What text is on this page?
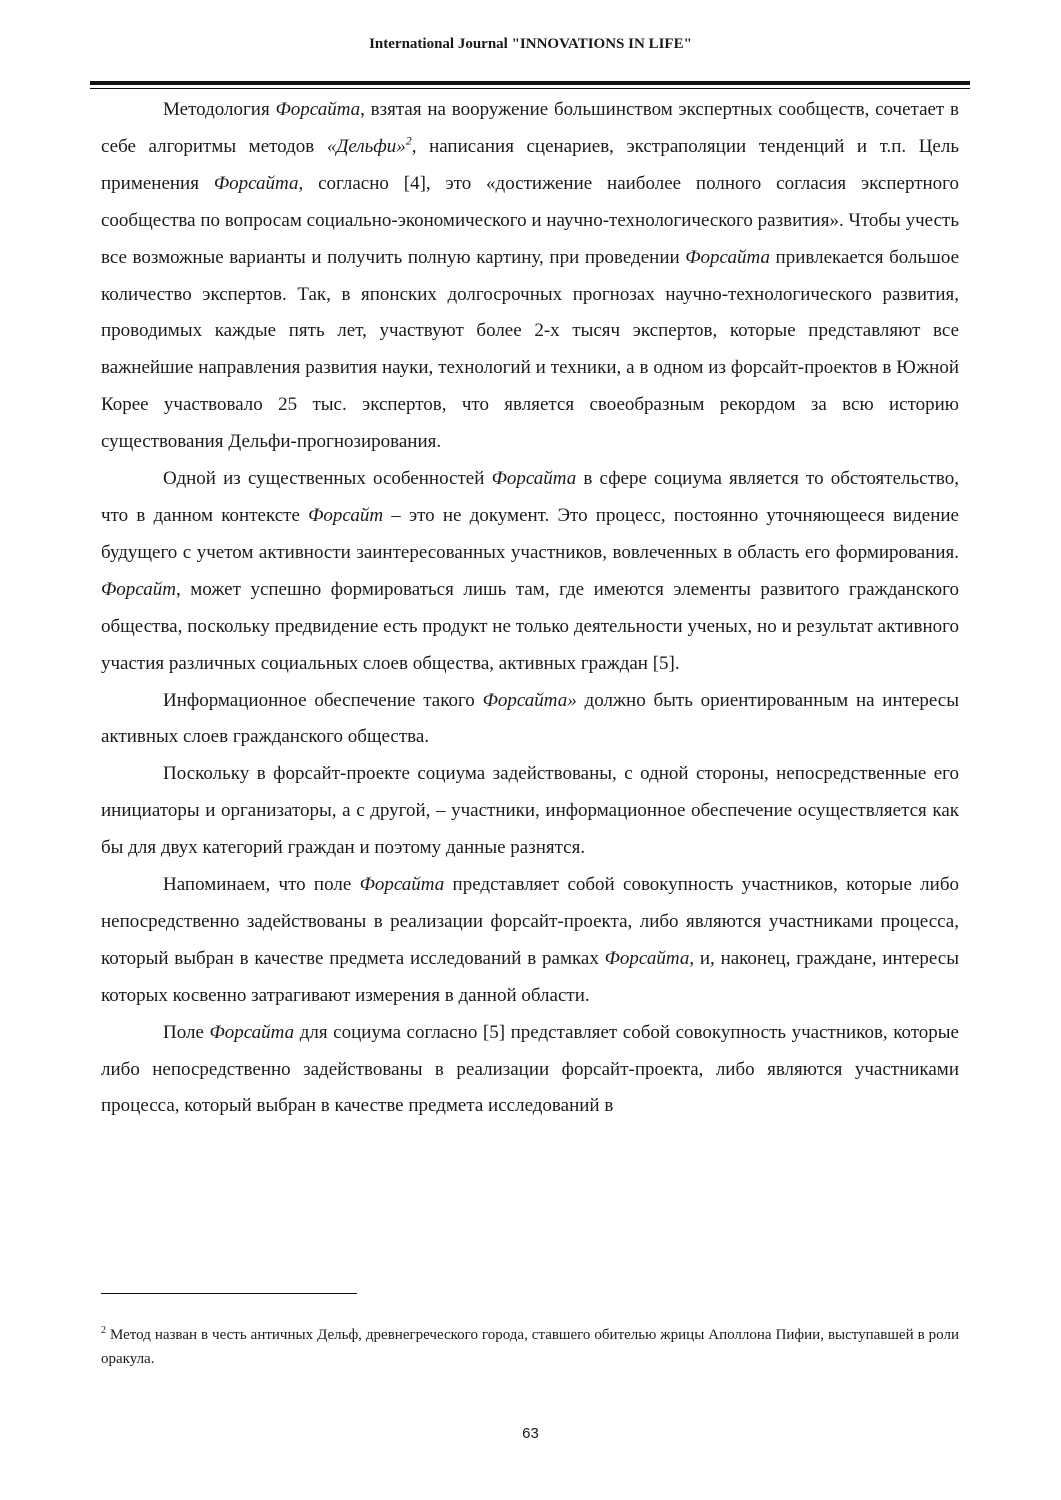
International Journal "INNOVATIONS IN LIFE"

Методология Форсайта, взятая на вооружение большинством экспертных сообществ, сочетает в себе алгоритмы методов «Дельфи»$^2$, написания сценариев, экстраполяции тенденций и т.п. Цель применения Форсайта, согласно [4], это «достижение наиболее полного согласия экспертного сообщества по вопросам социально-экономического и научно-технологического развития». Чтобы учесть все возможные варианты и получить полную картину, при проведении Форсайта привлекается большое количество экспертов. Так, в японских долгосрочных прогнозах научно-технологического развития, проводимых каждые пять лет, участвуют более 2-х тысяч экспертов, которые представляют все важнейшие направления развития науки, технологий и техники, а в одном из форсайт-проектов в Южной Корее участвовало 25 тыс. экспертов, что является своеобразным рекордом за всю историю существования Дельфи-прогнозирования.

Одной из существенных особенностей Форсайта в сфере социума является то обстоятельство, что в данном контексте Форсайт – это не документ. Это процесс, постоянно уточняющееся видение будущего с учетом активности заинтересованных участников, вовлеченных в область его формирования. Форсайт, может успешно формироваться лишь там, где имеются элементы развитого гражданского общества, поскольку предвидение есть продукт не только деятельности ученых, но и результат активного участия различных социальных слоев общества, активных граждан [5].

Информационное обеспечение такого Форсайта» должно быть ориентированным на интересы активных слоев гражданского общества.

Поскольку в форсайт-проекте социума задействованы, с одной стороны, непосредственные его инициаторы и организаторы, а с другой, – участники, информационное обеспечение осуществляется как бы для двух категорий граждан и поэтому данные разнятся.

Напоминаем, что поле Форсайта представляет собой совокупность участников, которые либо непосредственно задействованы в реализации форсайт-проекта, либо являются участниками процесса, который выбран в качестве предмета исследований в рамках Форсайта, и, наконец, граждане, интересы которых косвенно затрагивают измерения в данной области.

Поле Форсайта для социума согласно [5] представляет собой совокупность участников, которые либо непосредственно задействованы в реализации форсайт-проекта, либо являются участниками процесса, который выбран в качестве предмета исследований в

$^2$ Метод назван в честь античных Дельф, древнегреческого города, ставшего обителью жрицы Аполлона Пифии, выступавшей в роли оракула.
63
